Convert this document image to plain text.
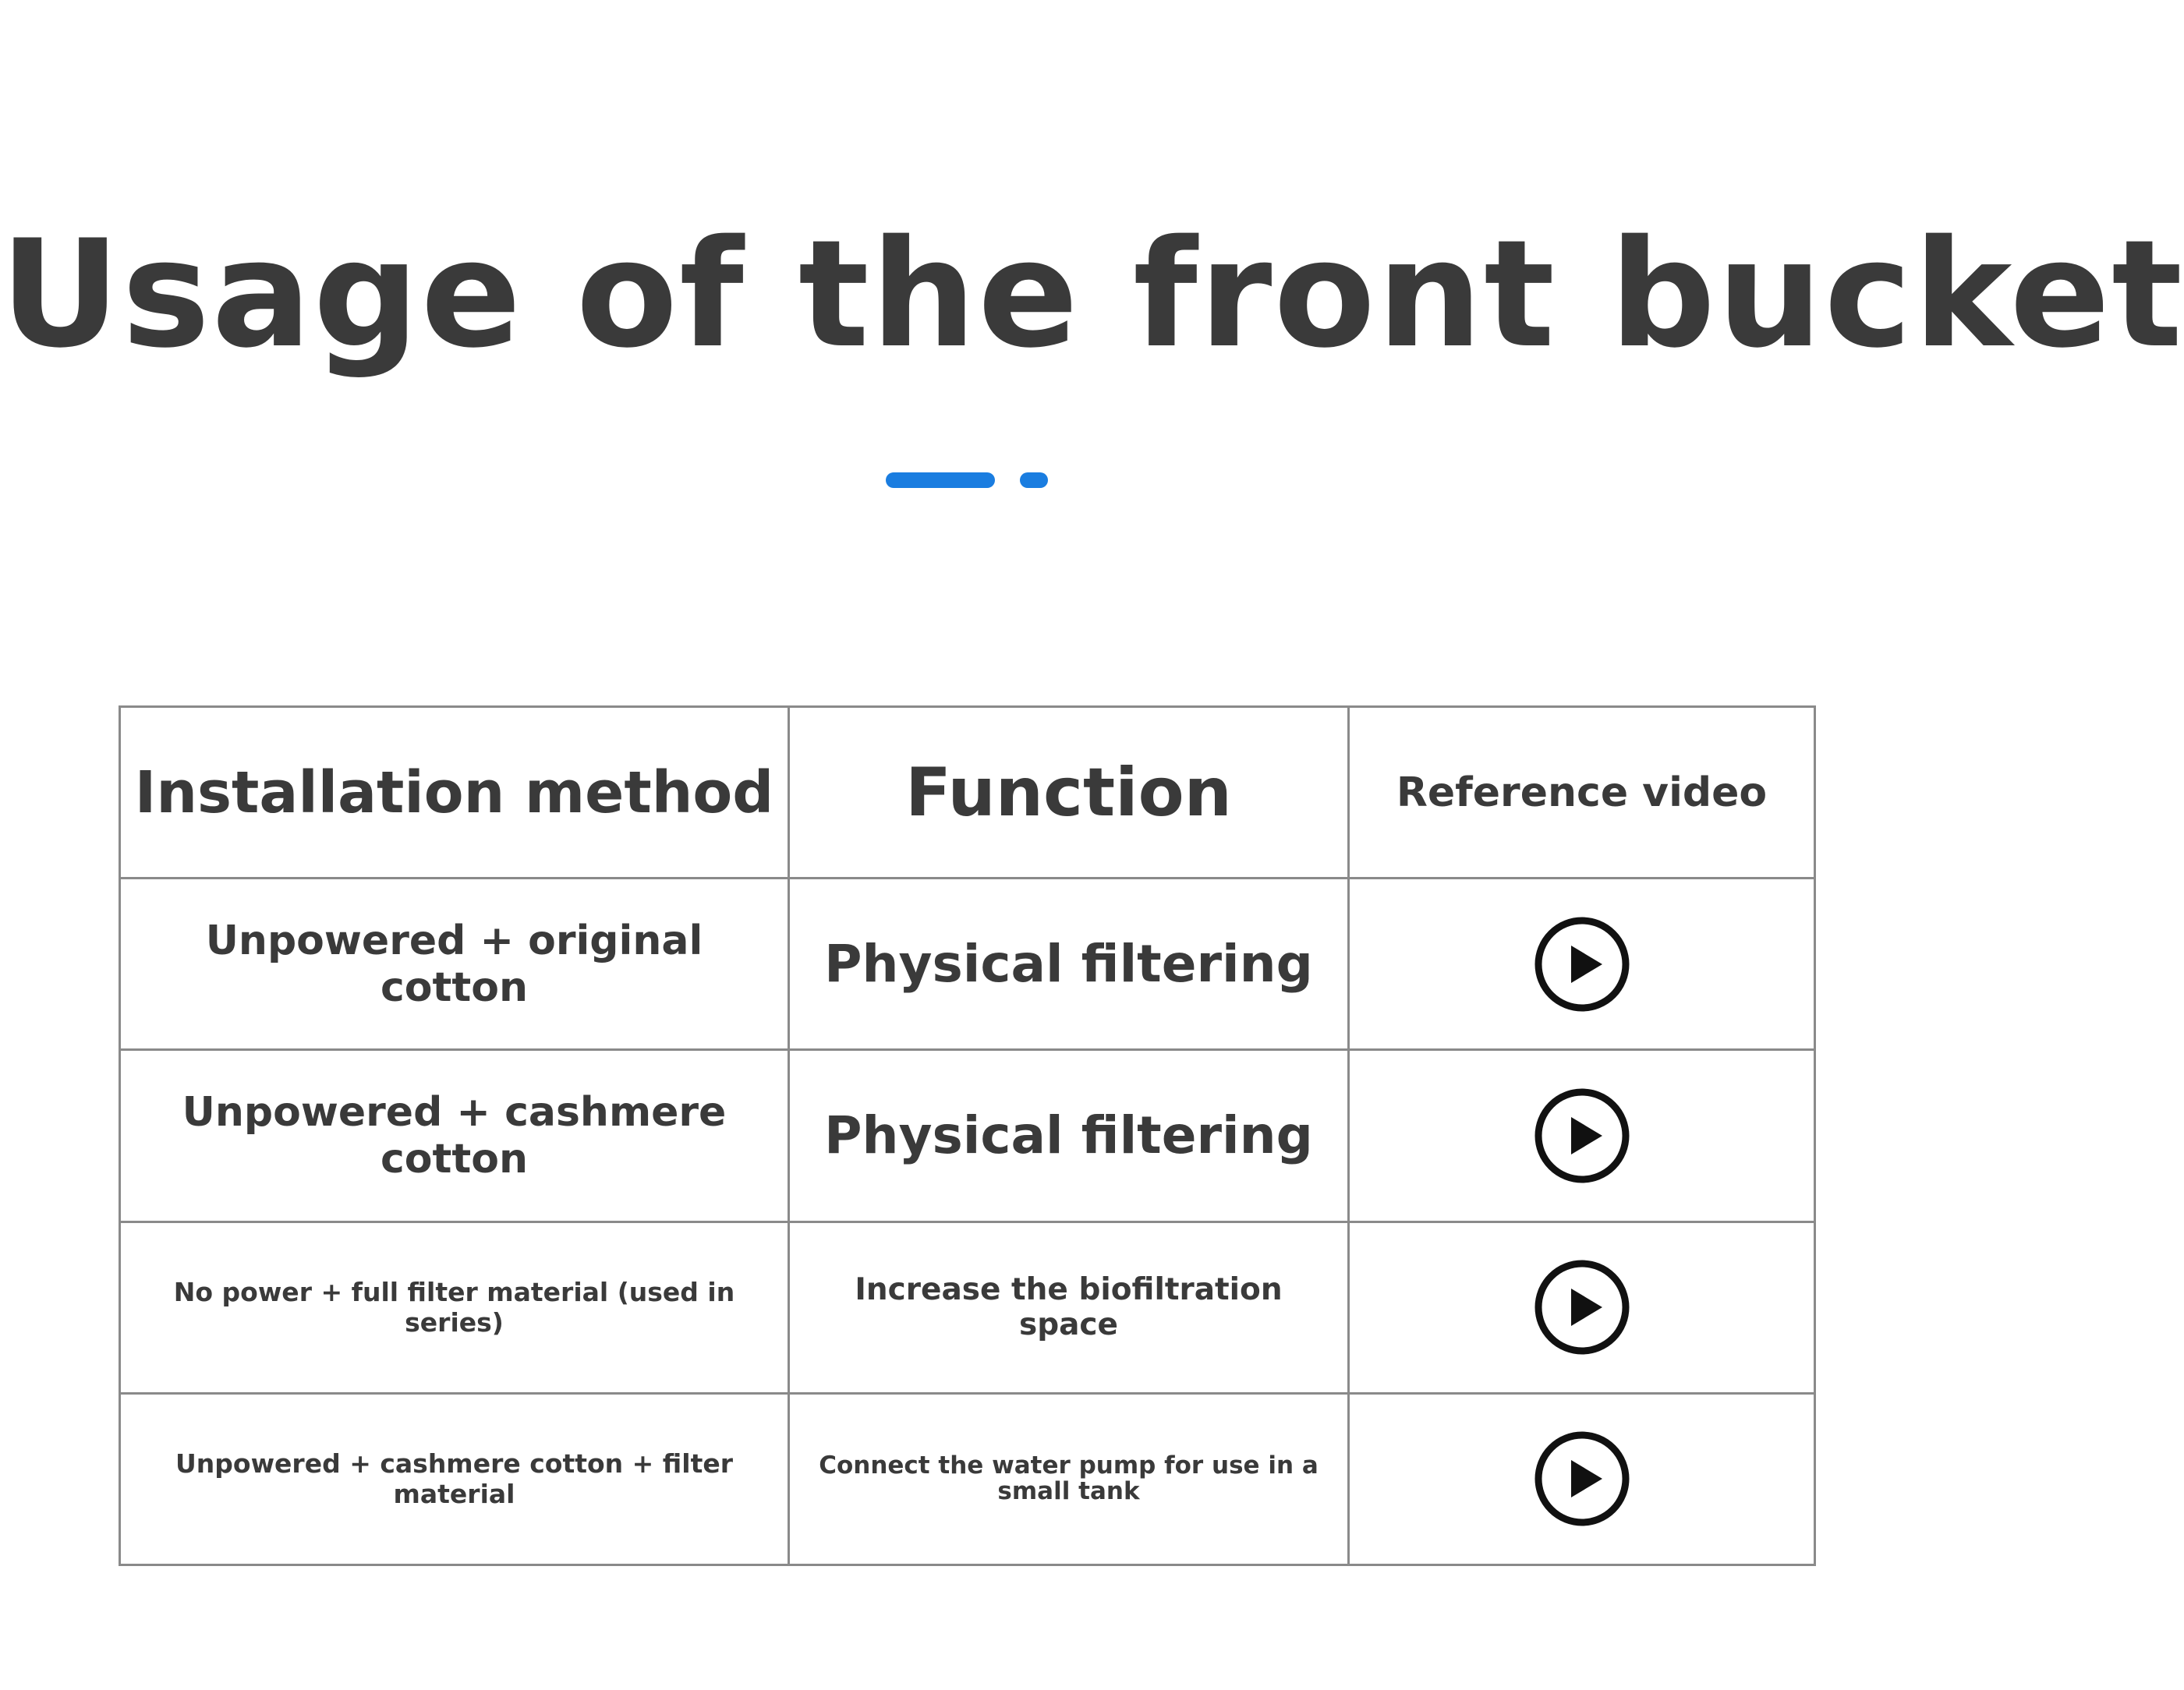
Usage of the front bucket
Installation method	Function	Reference video
Unpowered + original cotton	Physical filtering	

Unpowered + cashmere cotton	Physical filtering	

No power + full filter material (used in series)	Increase the biofiltration space	

Unpowered + cashmere cotton + filter material	Connect the water pump for use in a small tank	
